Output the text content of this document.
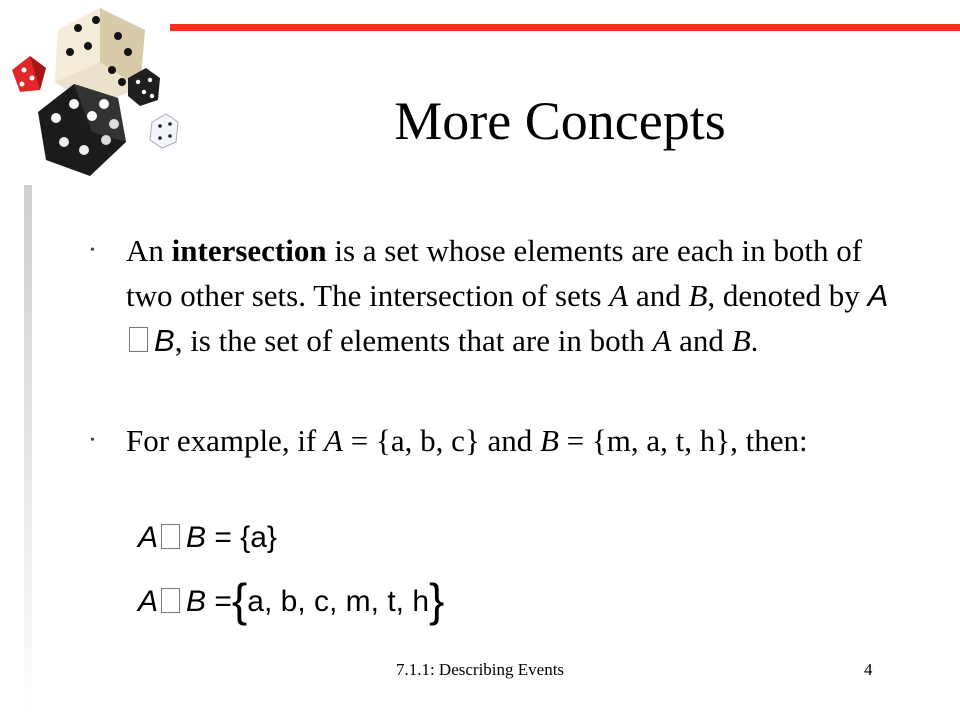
More Concepts
• An intersection is a set whose elements are each in both of two other sets. The intersection of sets A and B, denoted by AB, is the set of elements that are in both A and B.
• For example, if A = {a, b, c} and B = {m, a, t, h}, then:
A B = {a}
A B ={a, b, c, m, t, h}
7.1.1: Describing Events	4
